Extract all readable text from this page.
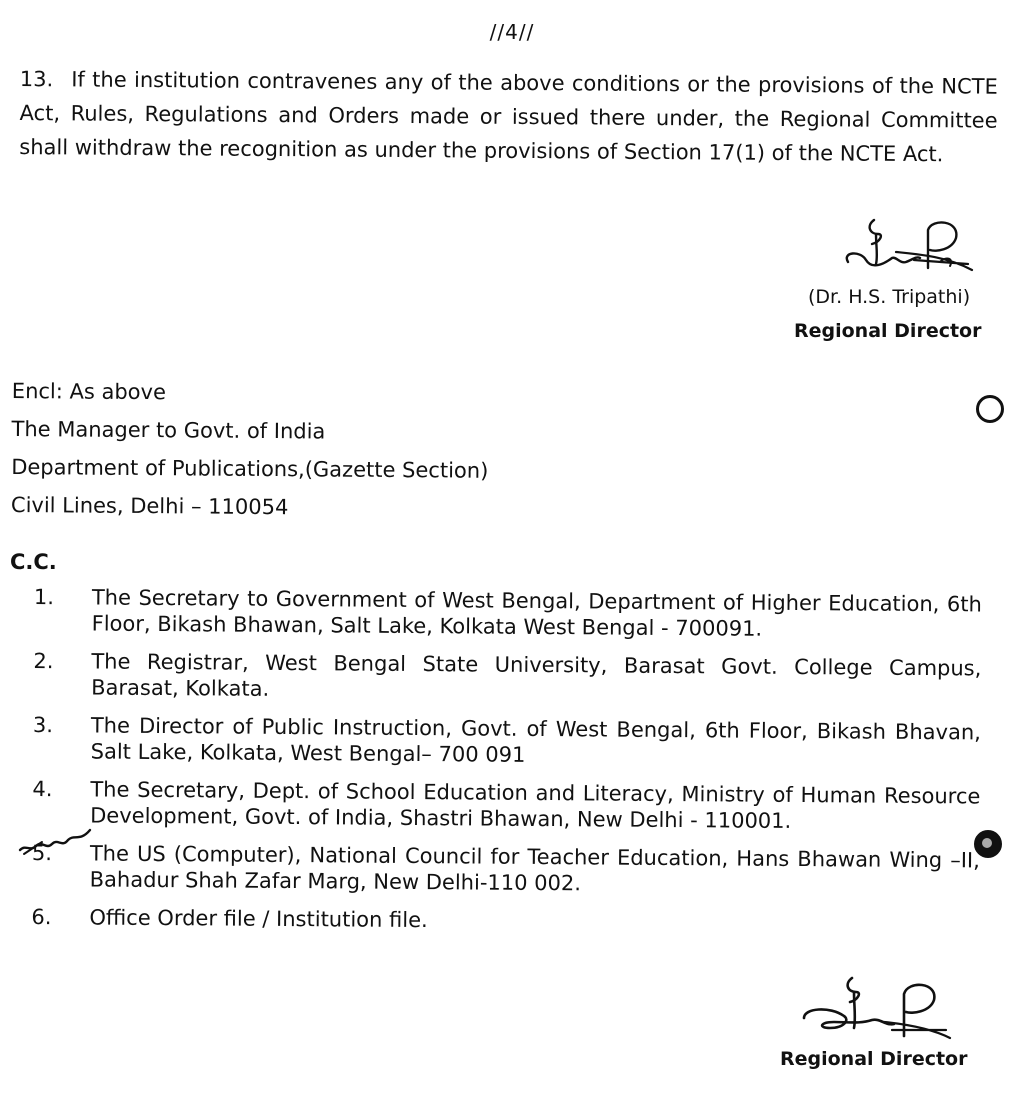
//4//
13. If the institution contravenes any of the above conditions or the provisions of the NCTE Act, Rules, Regulations and Orders made or issued there under, the Regional Committee shall withdraw the recognition as under the provisions of Section 17(1) of the NCTE Act.
(Dr. H.S. Tripathi)
Regional Director
Encl: As above
The Manager to Govt. of India
Department of Publications,(Gazette Section)
Civil Lines, Delhi – 110054
C.C.
1.	The Secretary to Government of West Bengal, Department of Higher Education, 6th Floor, Bikash Bhawan, Salt Lake, Kolkata West Bengal - 700091.
2.	The Registrar, West Bengal State University, Barasat Govt. College Campus, Barasat, Kolkata.
3.	The Director of Public Instruction, Govt. of West Bengal, 6th Floor, Bikash Bhavan, Salt Lake, Kolkata, West Bengal– 700 091
4.	The Secretary, Dept. of School Education and Literacy, Ministry of Human Resource Development, Govt. of India, Shastri Bhawan, New Delhi - 110001.
5.	The US (Computer), National Council for Teacher Education, Hans Bhawan Wing –II, Bahadur Shah Zafar Marg, New Delhi-110 002.
6.	Office Order file / Institution file.
Regional Director
